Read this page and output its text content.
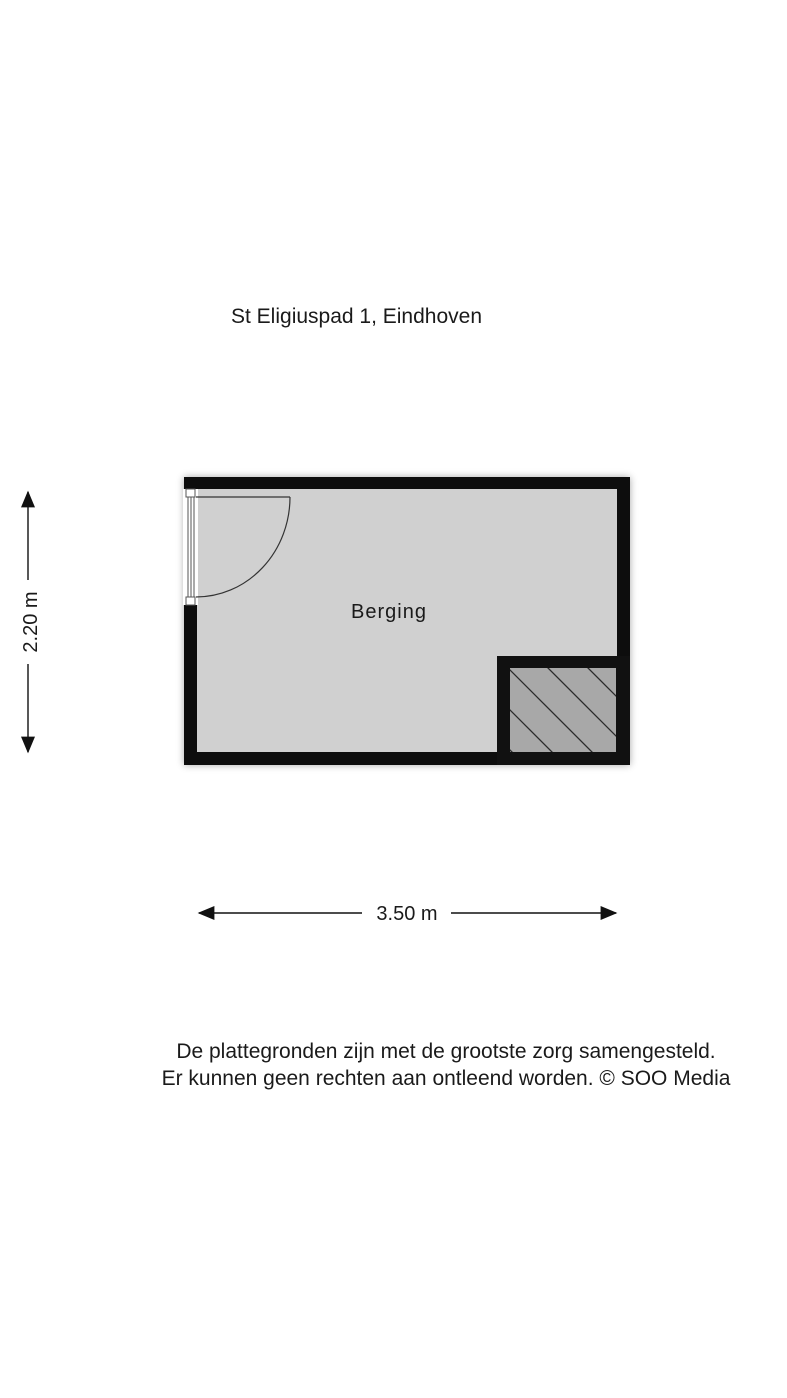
St Eligiuspad 1, Eindhoven
Berging
2.20 m
3.50 m
De plattegronden zijn met de grootste zorg samengesteld.
Er kunnen geen rechten aan ontleend worden. © SOO Media
